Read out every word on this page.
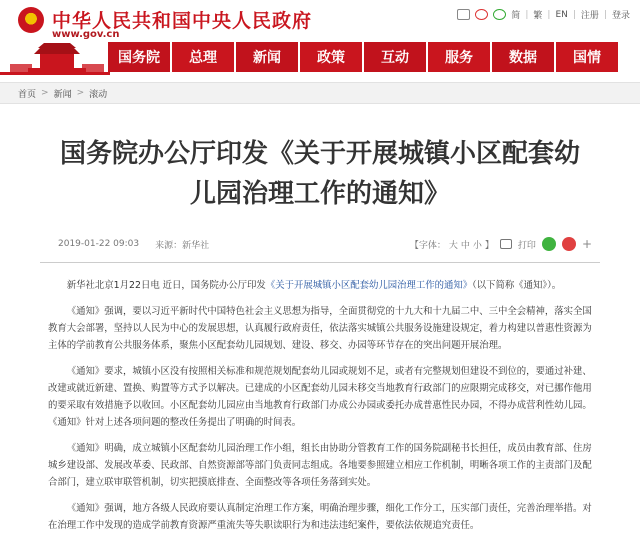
中华人民共和国中央人民政府
www.gov.cn
简 | 繁 | EN | 注册 | 登录
国务院	总理	新闻	政策	互动	服务	数据	国情
首页 > 新闻 > 滚动
国务院办公厅印发《关于开展城镇小区配套幼儿园治理工作的通知》
2019-01-22 09:03 来源： 新华社	【字体： 大 中 小 】	打印	+

新华社北京1月22日电 近日，国务院办公厅印发《关于开展城镇小区配套幼儿园治理工作的通知》（以下简称《通知》）。

《通知》强调，要以习近平新时代中国特色社会主义思想为指导，全面贯彻党的十九大和十九届二中、三中全会精神，落实全国教育大会部署，坚持以人民为中心的发展思想，认真履行政府责任，依法落实城镇公共服务设施建设规定，着力构建以普惠性资源为主体的学前教育公共服务体系，聚焦小区配套幼儿园规划、建设、移交、办园等环节存在的突出问题开展治理。

《通知》要求，城镇小区没有按照相关标准和规范规划配套幼儿园或规划不足，或者有完整规划但建设不到位的，要通过补建、改建或就近新建、置换、购置等方式予以解决。已建成的小区配套幼儿园未移交当地教育行政部门的应限期完成移交，对已挪作他用的要采取有效措施予以收回。小区配套幼儿园应由当地教育行政部门办成公办园或委托办成普惠性民办园，不得办成营利性幼儿园。《通知》针对上述各项问题的整改任务提出了明确的时间表。

《通知》明确，成立城镇小区配套幼儿园治理工作小组，组长由协助分管教育工作的国务院副秘书长担任，成员由教育部、住房城乡建设部、发展改革委、民政部、自然资源部等部门负责同志组成。各地要参照建立相应工作机制，明晰各项工作的主责部门及配合部门，建立联审联管机制，切实把摸底排查、全面整改等各项任务落到实处。

《通知》强调，地方各级人民政府要认真制定治理工作方案，明确治理步骤，细化工作分工，压实部门责任，完善治理举措。对在治理工作中发现的造成学前教育资源严重流失等失职读职行为和违法违纪案件，要依法依规追究责任。
